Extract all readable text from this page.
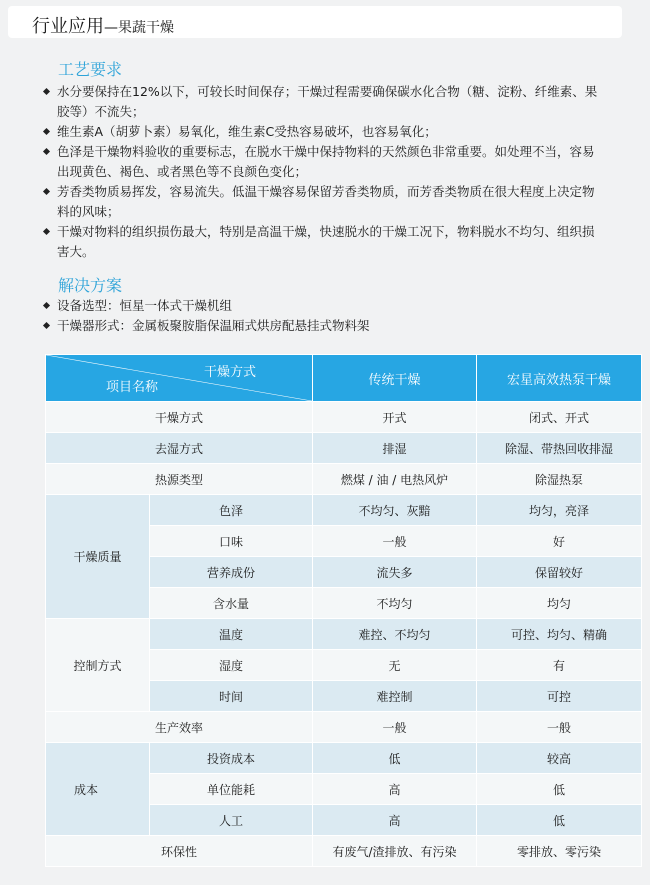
行业应用—果蔬干燥
工艺要求
水分要保持在12%以下，可较长时间保存；干燥过程需要确保碳水化合物（糖、淀粉、纤维素、果胶等）不流失；
维生素A（胡萝卜素）易氧化，维生素C受热容易破坏，也容易氧化；
色泽是干燥物料验收的重要标志，在脱水干燥中保持物料的天然颜色非常重要。如处理不当，容易出现黄色、褐色、或者黑色等不良颜色变化；
芳香类物质易挥发，容易流失。低温干燥容易保留芳香类物质，而芳香类物质在很大程度上决定物料的风味；
干燥对物料的组织损伤最大，特别是高温干燥，快速脱水的干燥工况下，物料脱水不均匀、组织损害大。
解决方案
设备选型：恒星一体式干燥机组
干燥器形式：金属板聚胺脂保温厢式烘房配悬挂式物料架
干燥方式
项目名称		传统干燥	宏星高效热泵干燥
干燥方式		开式	闭式、开式
去湿方式		排湿	除湿、带热回收排湿
热源类型		燃煤 / 油 / 电热风炉	除湿热泵
干燥质量	色泽	不均匀、灰黯	均匀，亮泽
	口味	一般	好
	营养成份	流失多	保留较好
	含水量	不均匀	均匀
控制方式	温度	难控、不均匀	可控、均匀、精确
	湿度	无	有
	时间	难控制	可控
生产效率		一般	一般
成本	投资成本	低	较高
	单位能耗	高	低
	人工	高	低
环保性		有废气/渣排放、有污染	零排放、零污染
